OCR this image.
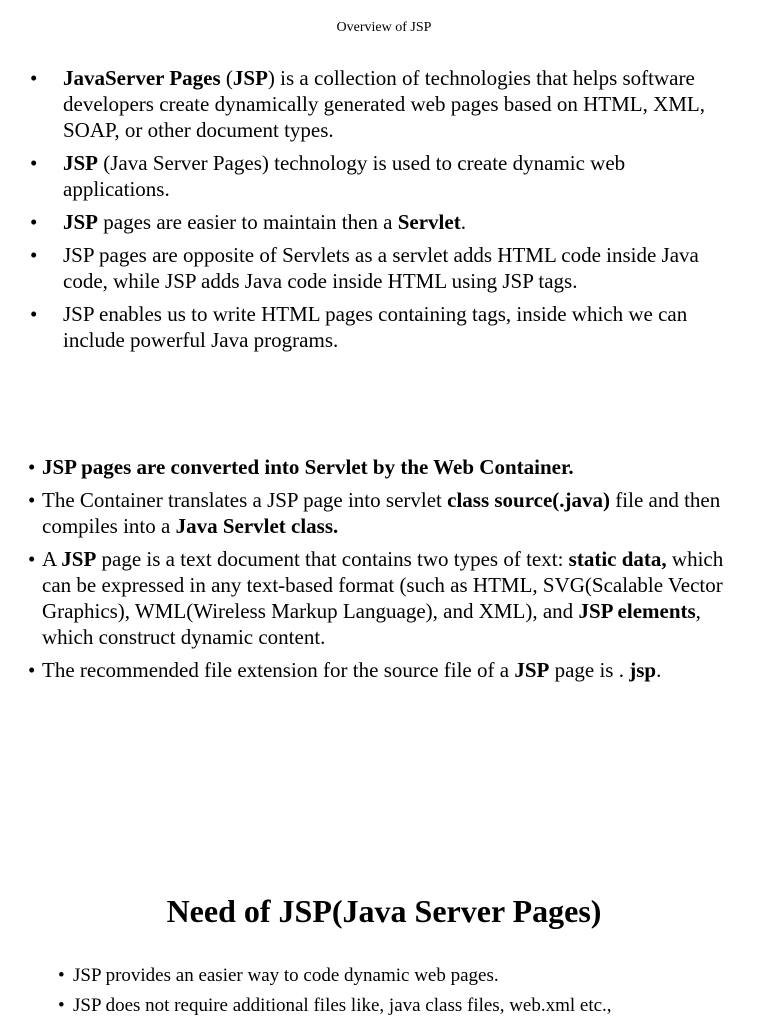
Overview of JSP
• JavaServer Pages (JSP) is a collection of technologies that helps software developers create dynamically generated web pages based on HTML, XML, SOAP, or other document types.
• JSP (Java Server Pages) technology is used to create dynamic web applications.
• JSP pages are easier to maintain then a Servlet.
• JSP pages are opposite of Servlets as a servlet adds HTML code inside Java code, while JSP adds Java code inside HTML using JSP tags.
• JSP enables us to write HTML pages containing tags, inside which we can include powerful Java programs.
• JSP pages are converted into Servlet by the Web Container.
• The Container translates a JSP page into servlet class source(.java) file and then compiles into a Java Servlet class.
• A JSP page is a text document that contains two types of text: static data, which can be expressed in any text-based format (such as HTML, SVG(Scalable Vector Graphics), WML(Wireless Markup Language), and XML), and JSP elements, which construct dynamic content.
• The recommended file extension for the source file of a JSP page is . jsp.
Need of JSP(Java Server Pages)
• JSP provides an easier way to code dynamic web pages.
• JSP does not require additional files like, java class files, web.xml etc.,
